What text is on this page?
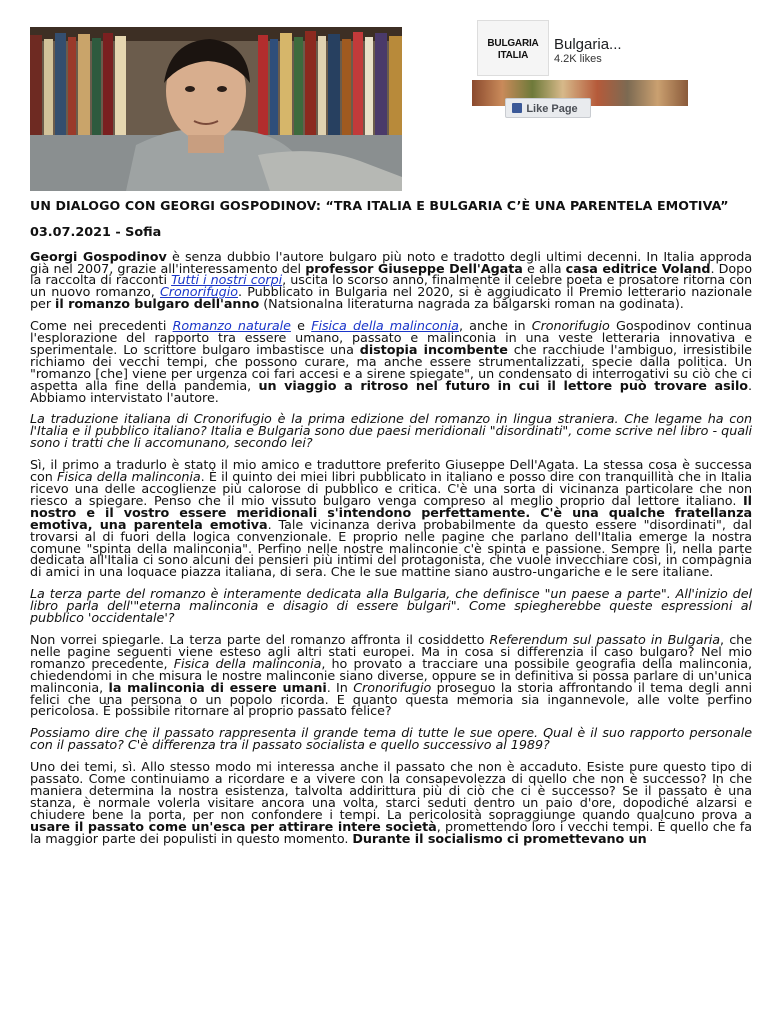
BULGARIA
ITALIA
Bulgaria...
4.2K likes
Like Page
UN DIALOGO CON GEORGI GOSPODINOV: “TRA ITALIA E BULGARIA C’È UNA PARENTELA EMOTIVA”
03.07.2021 - Sofia

Georgi Gospodinov è senza dubbio l'autore bulgaro più noto e tradotto degli ultimi decenni. In Italia approda già nel 2007, grazie all'interessamento del professor Giuseppe Dell'Agata e alla casa editrice Voland. Dopo la raccolta di racconti Tutti i nostri corpi, uscita lo scorso anno, finalmente il celebre poeta e prosatore ritorna con un nuovo romanzo, Cronorifugio. Pubblicato in Bulgaria nel 2020, si è aggiudicato il Premio letterario nazionale per il romanzo bulgaro dell'anno (Natsionalna literaturna nagrada za bălgarski roman na godinata).

Come nei precedenti Romanzo naturale e Fisica della malinconia, anche in Cronorifugio Gospodinov continua l'esplorazione del rapporto tra essere umano, passato e malinconia in una veste letteraria innovativa e sperimentale. Lo scrittore bulgaro imbastisce una distopia incombente che racchiude l'ambiguo, irresistibile richiamo dei vecchi tempi, che possono curare, ma anche essere strumentalizzati, specie dalla politica. Un "romanzo [che] viene per urgenza coi fari accesi e a sirene spiegate", un condensato di interrogativi su ciò che ci aspetta alla fine della pandemia, un viaggio a ritroso nel futuro in cui il lettore può trovare asilo. Abbiamo intervistato l'autore.

La traduzione italiana di Cronorifugio è la prima edizione del romanzo in lingua straniera. Che legame ha con l'Italia e il pubblico italiano? Italia e Bulgaria sono due paesi meridionali "disordinati", come scrive nel libro - quali sono i tratti che li accomunano, secondo lei?

Sì, il primo a tradurlo è stato il mio amico e traduttore preferito Giuseppe Dell'Agata. La stessa cosa è successa con Fisica della malinconia. È il quinto dei miei libri pubblicato in italiano e posso dire con tranquillità che in Italia ricevo una delle accoglienze più calorose di pubblico e critica. C'è una sorta di vicinanza particolare che non riesco a spiegare. Penso che il mio vissuto bulgaro venga compreso al meglio proprio dal lettore italiano. Il nostro e il vostro essere meridionali s'intendono perfettamente. C'è una qualche fratellanza emotiva, una parentela emotiva. Tale vicinanza deriva probabilmente da questo essere "disordinati", dal trovarsi al di fuori della logica convenzionale. E proprio nelle pagine che parlano dell'Italia emerge la nostra comune "spinta della malinconia". Perfino nelle nostre malinconie c'è spinta e passione. Sempre lì, nella parte dedicata all'Italia ci sono alcuni dei pensieri più intimi del protagonista, che vuole invecchiare così, in compagnia di amici in una loquace piazza italiana, di sera. Che le sue mattine siano austro-ungariche e le sere italiane.

La terza parte del romanzo è interamente dedicata alla Bulgaria, che definisce "un paese a parte". All'inizio del libro parla dell'"eterna malinconia e disagio di essere bulgari". Come spiegherebbe queste espressioni al pubblico 'occidentale'?

Non vorrei spiegarle. La terza parte del romanzo affronta il cosiddetto Referendum sul passato in Bulgaria, che nelle pagine seguenti viene esteso agli altri stati europei. Ma in cosa si differenzia il caso bulgaro? Nel mio romanzo precedente, Fisica della malinconia, ho provato a tracciare una possibile geografia della malinconia, chiedendomi in che misura le nostre malinconie siano diverse, oppure se in definitiva si possa parlare di un'unica malinconia, la malinconia di essere umani. In Cronorifugio proseguo la storia affrontando il tema degli anni felici che una persona o un popolo ricorda. E quanto questa memoria sia ingannevole, alle volte perfino pericolosa. È possibile ritornare al proprio passato felice?

Possiamo dire che il passato rappresenta il grande tema di tutte le sue opere. Qual è il suo rapporto personale con il passato? C'è differenza tra il passato socialista e quello successivo al 1989?

Uno dei temi, sì. Allo stesso modo mi interessa anche il passato che non è accaduto. Esiste pure questo tipo di passato. Come continuiamo a ricordare e a vivere con la consapevolezza di quello che non è successo? In che maniera determina la nostra esistenza, talvolta addirittura più di ciò che ci è successo? Se il passato è una stanza, è normale volerla visitare ancora una volta, starci seduti dentro un paio d'ore, dopodiché alzarsi e chiudere bene la porta, per non confondere i tempi. La pericolosità sopraggiunge quando qualcuno prova a usare il passato come un'esca per attirare intere società, promettendo loro i vecchi tempi. È quello che fa la maggior parte dei populisti in questo momento. Durante il socialismo ci promettevano un
